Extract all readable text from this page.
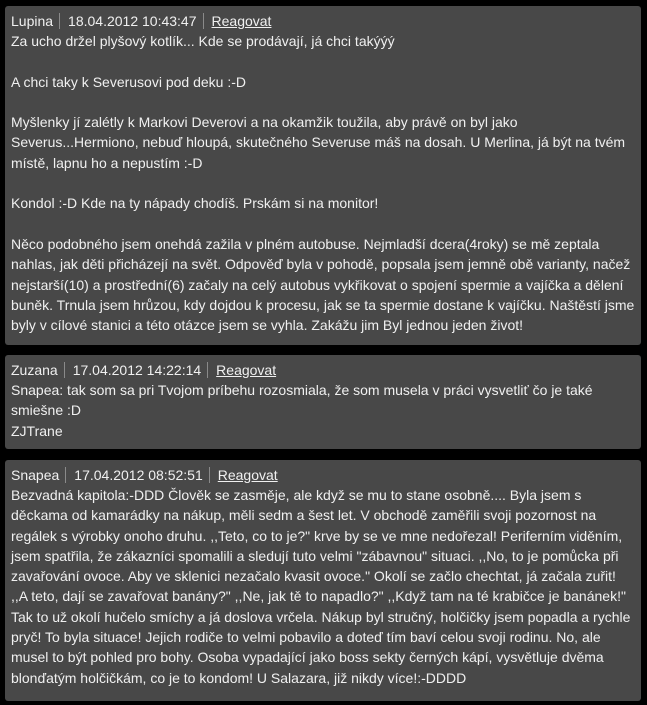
Lupina 18.04.2012 10:43:47 Reagovat

Za ucho držel plyšový kotlík... Kde se prodávají, já chci takýýý

A chci taky k Severusovi pod deku :-D

Myšlenky jí zalétly k Markovi Deverovi a na okamžik toužila, aby právě on byl jako Severus...Hermiono, nebuď hloupá, skutečného Severuse máš na dosah. U Merlina, já být na tvém místě, lapnu ho a nepustím :-D

Kondol :-D Kde na ty nápady chodíš. Prskám si na monitor!

Něco podobného jsem onehdá zažila v plném autobuse. Nejmladší dcera(4roky) se mě zeptala nahlas, jak děti přicházejí na svět. Odpověď byla v pohodě, popsala jsem jemně obě varianty, načež nejstarší(10) a prostřední(6) začaly na celý autobus vykřikovat o spojení spermie a vajíčka a dělení buněk. Trnula jsem hrůzou, kdy dojdou k procesu, jak se ta spermie dostane k vajíčku. Naštěstí jsme byly v cílové stanici a této otázce jsem se vyhla. Zakážu jim Byl jednou jeden život!

Zuzana 17.04.2012 14:22:14 Reagovat

Snapea: tak som sa pri Tvojom príbehu rozosmiala, že som musela v práci vysvetliť čo je také smiešne :D

ZJTrane

Snapea 17.04.2012 08:52:51 Reagovat

Bezvadná kapitola:-DDD Člověk se zasměje, ale když se mu to stane osobně.... Byla jsem s děckama od kamarádky na nákup, měli sedm a šest let. V obchodě zaměřili svoji pozornost na regálek s výrobky onoho druhu. ,,Teto, co to je?" krve by se ve mne nedořezal! Periferním viděním, jsem spatřila, že zákazníci spomalili a sledují tuto velmi "zábavnou" situaci. ,,No, to je pomůcka při zavařování ovoce. Aby ve sklenici nezačalo kvasit ovoce." Okolí se začlo chechtat, já začala zuřit! ,,A teto, dají se zavařovat banány?" ,,Ne, jak tě to napadlo?" ,,Když tam na té krabičce je banánek!" Tak to už okolí hučelo smíchy a já doslova vrčela. Nákup byl stručný, holčičky jsem popadla a rychle pryč! To byla situace! Jejich rodiče to velmi pobavilo a doteď tím baví celou svoji rodinu. No, ale musel to být pohled pro bohy. Osoba vypadající jako boss sekty černých kápí, vysvětluje dvěma blonďatým holčičkám, co je to kondom! U Salazara, již nikdy více!:-DDDD
